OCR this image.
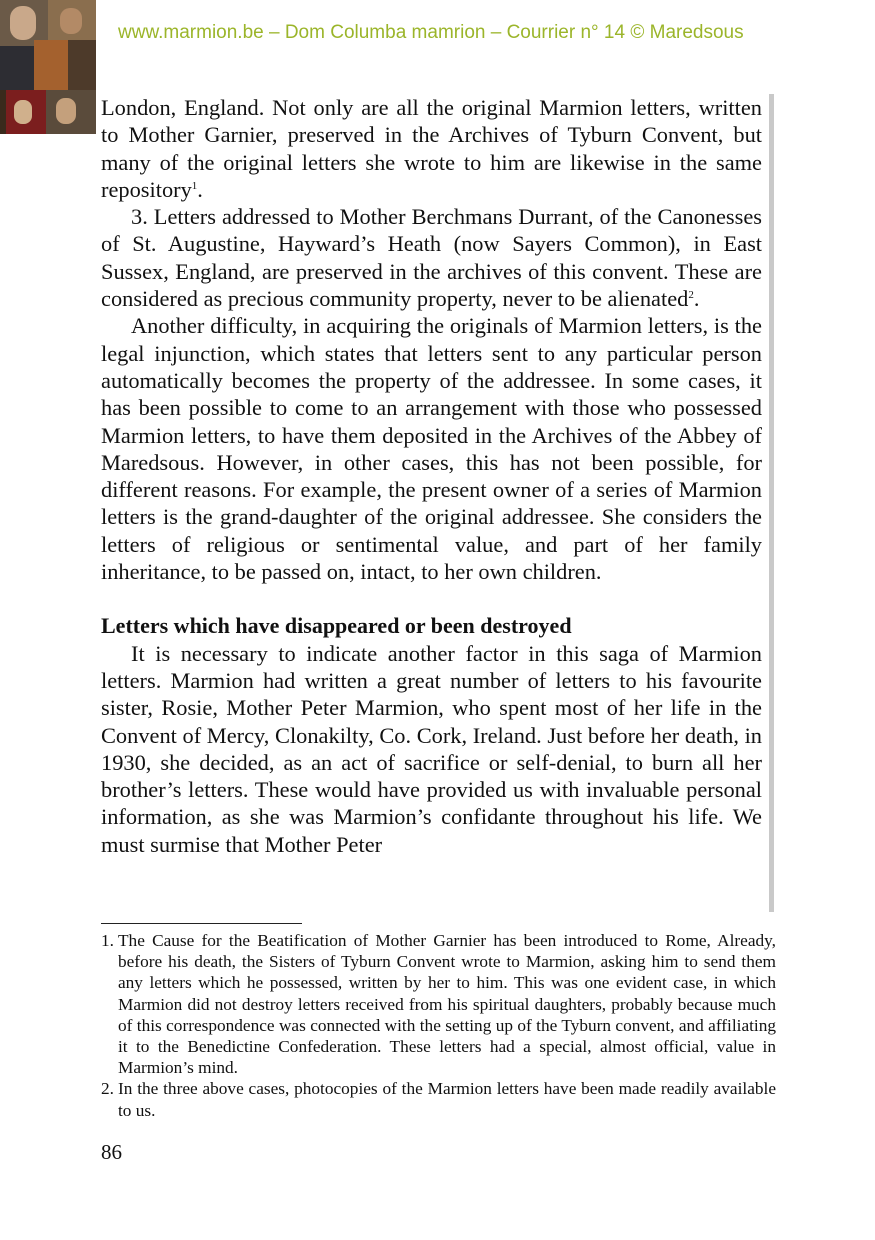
www.marmion.be – Dom Columba mamrion – Courrier n° 14 © Maredsous

London, England. Not only are all the original Marmion letters, written to Mother Garnier, preserved in the Archives of Tyburn Convent, but many of the original letters she wrote to him are likewise in the same repository$^1$.

3. Letters addressed to Mother Berchmans Durrant, of the Canonesses of St. Augustine, Hayward’s Heath (now Sayers Common), in East Sussex, England, are preserved in the archives of this convent. These are considered as precious community property, never to be alienated$^2$.

Another difficulty, in acquiring the originals of Marmion letters, is the legal injunction, which states that letters sent to any particular person automatically becomes the property of the addressee. In some cases, it has been possible to come to an arrangement with those who possessed Marmion letters, to have them deposited in the Archives of the Abbey of Maredsous. However, in other cases, this has not been possible, for different reasons. For example, the present owner of a series of Marmion letters is the grand-daughter of the original addressee. She considers the letters of religious or sentimental value, and part of her family inheritance, to be passed on, intact, to her own children.

Letters which have disappeared or been destroyed

It is necessary to indicate another factor in this saga of Marmion letters. Marmion had written a great number of letters to his favourite sister, Rosie, Mother Peter Marmion, who spent most of her life in the Convent of Mercy, Clonakilty, Co. Cork, Ireland. Just before her death, in 1930, she decided, as an act of sacrifice or self-denial, to burn all her brother’s letters. These would have provided us with invaluable personal information, as she was Marmion’s confidante throughout his life. We must surmise that Mother Peter

1. The Cause for the Beatification of Mother Garnier has been introduced to Rome, Already, before his death, the Sisters of Tyburn Convent wrote to Marmion, asking him to send them any letters which he possessed, written by her to him. This was one evident case, in which Marmion did not destroy letters received from his spiritual daughters, probably because much of this correspondence was connected with the setting up of the Tyburn convent, and affiliating it to the Benedictine Confederation. These letters had a special, almost official, value in Marmion’s mind.
2. In the three above cases, photocopies of the Marmion letters have been made readily available to us.
86
